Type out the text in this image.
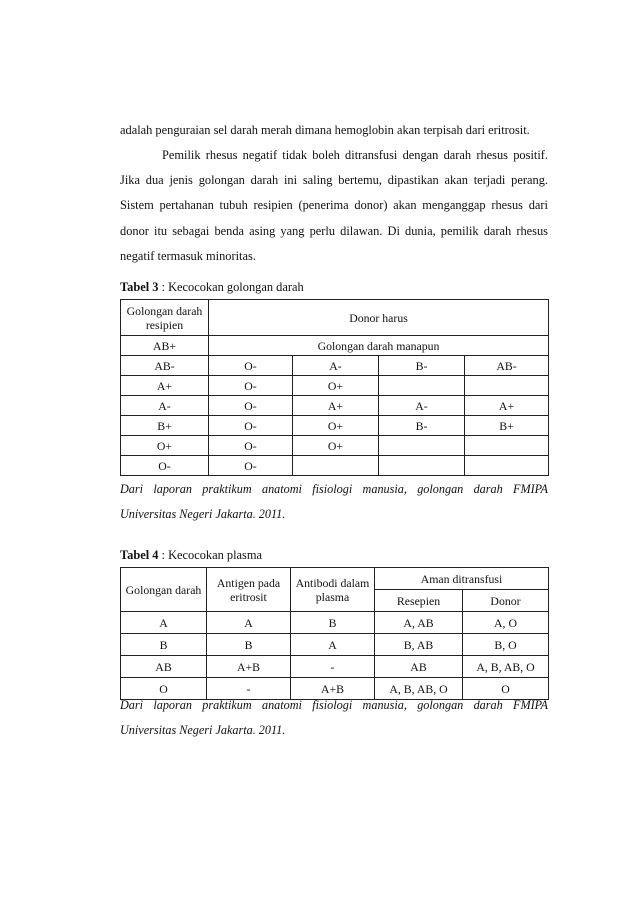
adalah penguraian sel darah merah dimana hemoglobin akan terpisah dari eritrosit.

Pemilik rhesus negatif tidak boleh ditransfusi dengan darah rhesus positif. Jika dua jenis golongan darah ini saling bertemu, dipastikan akan terjadi perang. Sistem pertahanan tubuh resipien (penerima donor) akan menganggap rhesus dari donor itu sebagai benda asing yang perlu dilawan. Di dunia, pemilik darah rhesus negatif termasuk minoritas.

Tabel 3 : Kecocokan golongan darah

Golongan darah resipien	Donor harus			
AB+	Golongan darah manapun			
AB-	O-	A-	B-	AB-
A+	O-	O+		
A-	O-	A+	A-	A+
B+	O-	O+	B-	B+
O+	O-	O+		
O-	O-			

Dari laporan praktikum anatomi fisiologi manusia, golongan darah FMIPA Universitas Negeri Jakarta. 2011.

Tabel 4 : Kecocokan plasma

Golongan darah	Antigen pada eritrosit	Antibodi dalam plasma	Aman ditransfusi	
			Resepien	Donor
A	A	B	A, AB	A, O
B	B	A	B, AB	B, O
AB	A+B	-	AB	A, B, AB, O
O	-	A+B	A, B, AB, O	O

Dari laporan praktikum anatomi fisiologi manusia, golongan darah FMIPA Universitas Negeri Jakarta. 2011.
